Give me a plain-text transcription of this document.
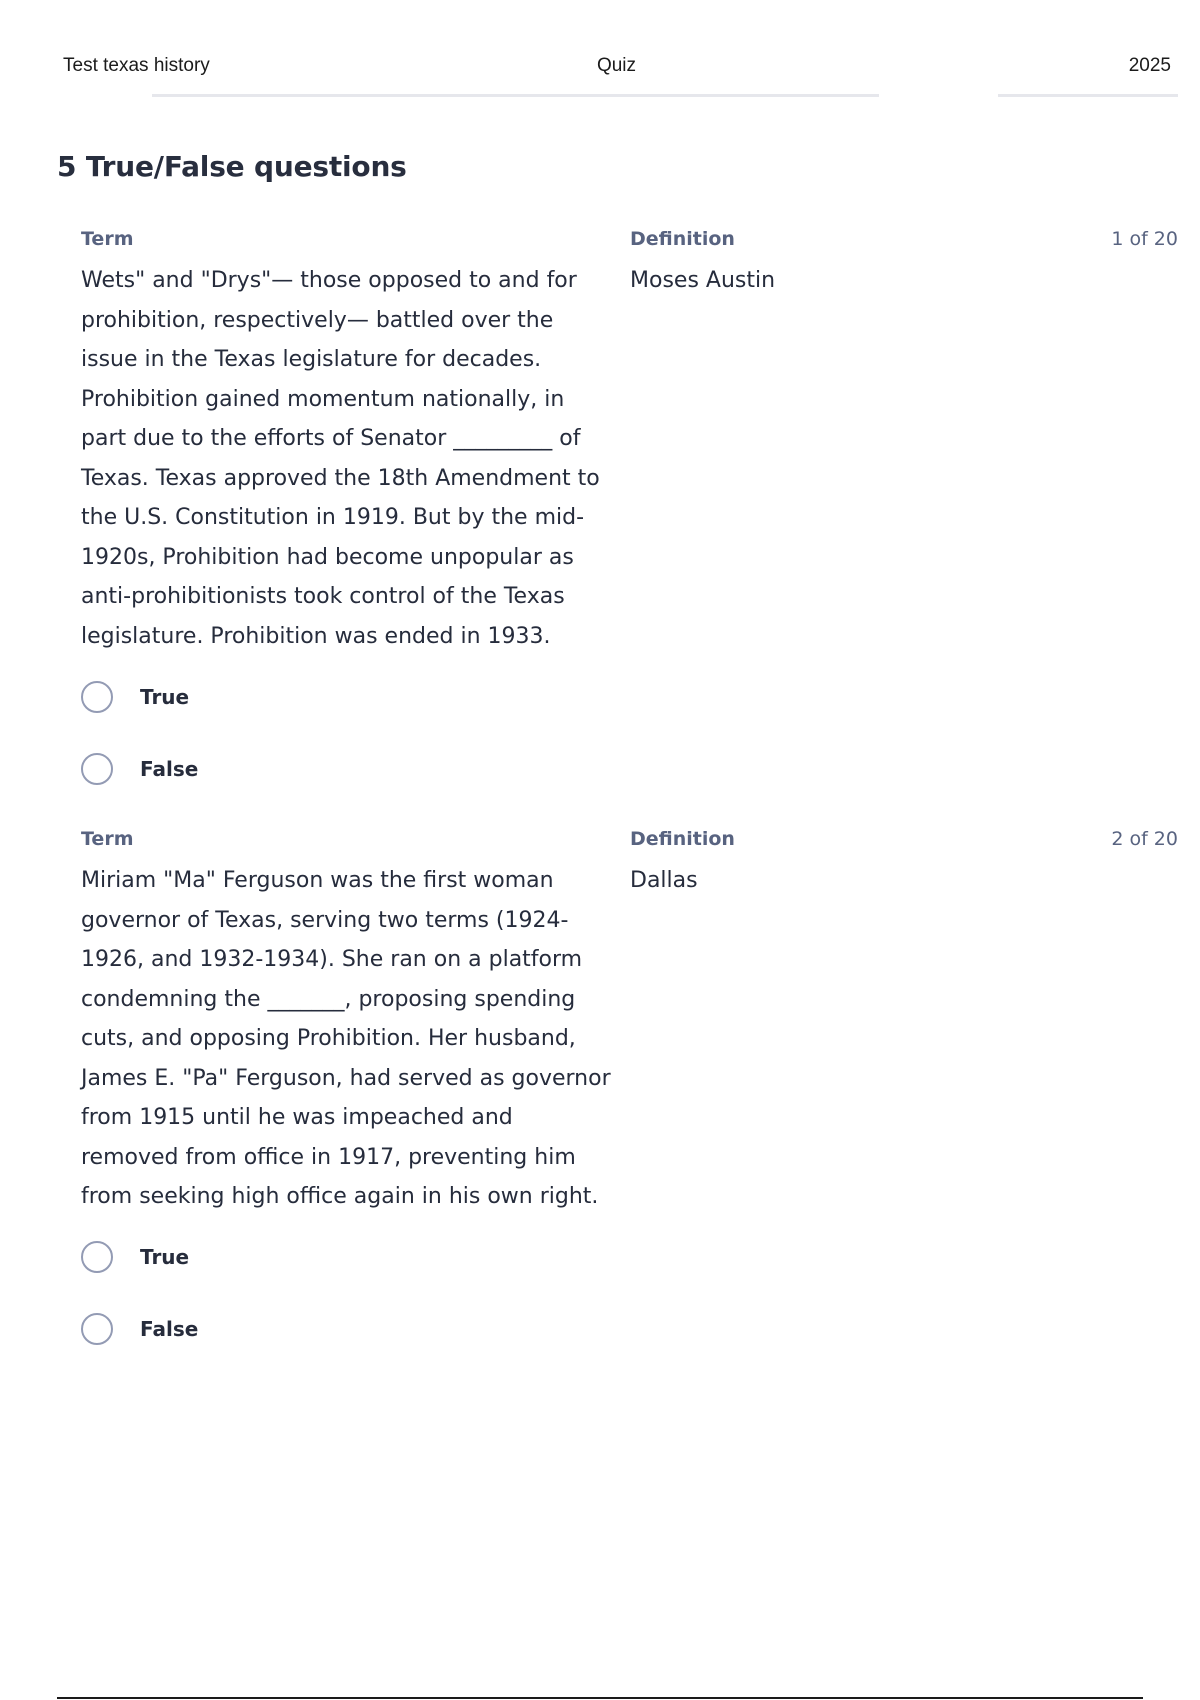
Test texas history	Quiz	2025
5 True/False questions
Term	Definition	1 of 20

Wets" and "Drys"— those opposed to and for prohibition, respectively— battled over the issue in the Texas legislature for decades. Prohibition gained momentum nationally, in part due to the efforts of Senator _________ of Texas. Texas approved the 18th Amendment to the U.S. Constitution in 1919. But by the mid-1920s, Prohibition had become unpopular as anti-prohibitionists took control of the Texas legislature. Prohibition was ended in 1933.

Moses Austin
True
False
Term	Definition	2 of 20

Miriam "Ma" Ferguson was the first woman governor of Texas, serving two terms (1924-1926, and 1932-1934). She ran on a platform condemning the _______, proposing spending cuts, and opposing Prohibition. Her husband, James E. "Pa" Ferguson, had served as governor from 1915 until he was impeached and removed from office in 1917, preventing him from seeking high office again in his own right.

Dallas
True
False
